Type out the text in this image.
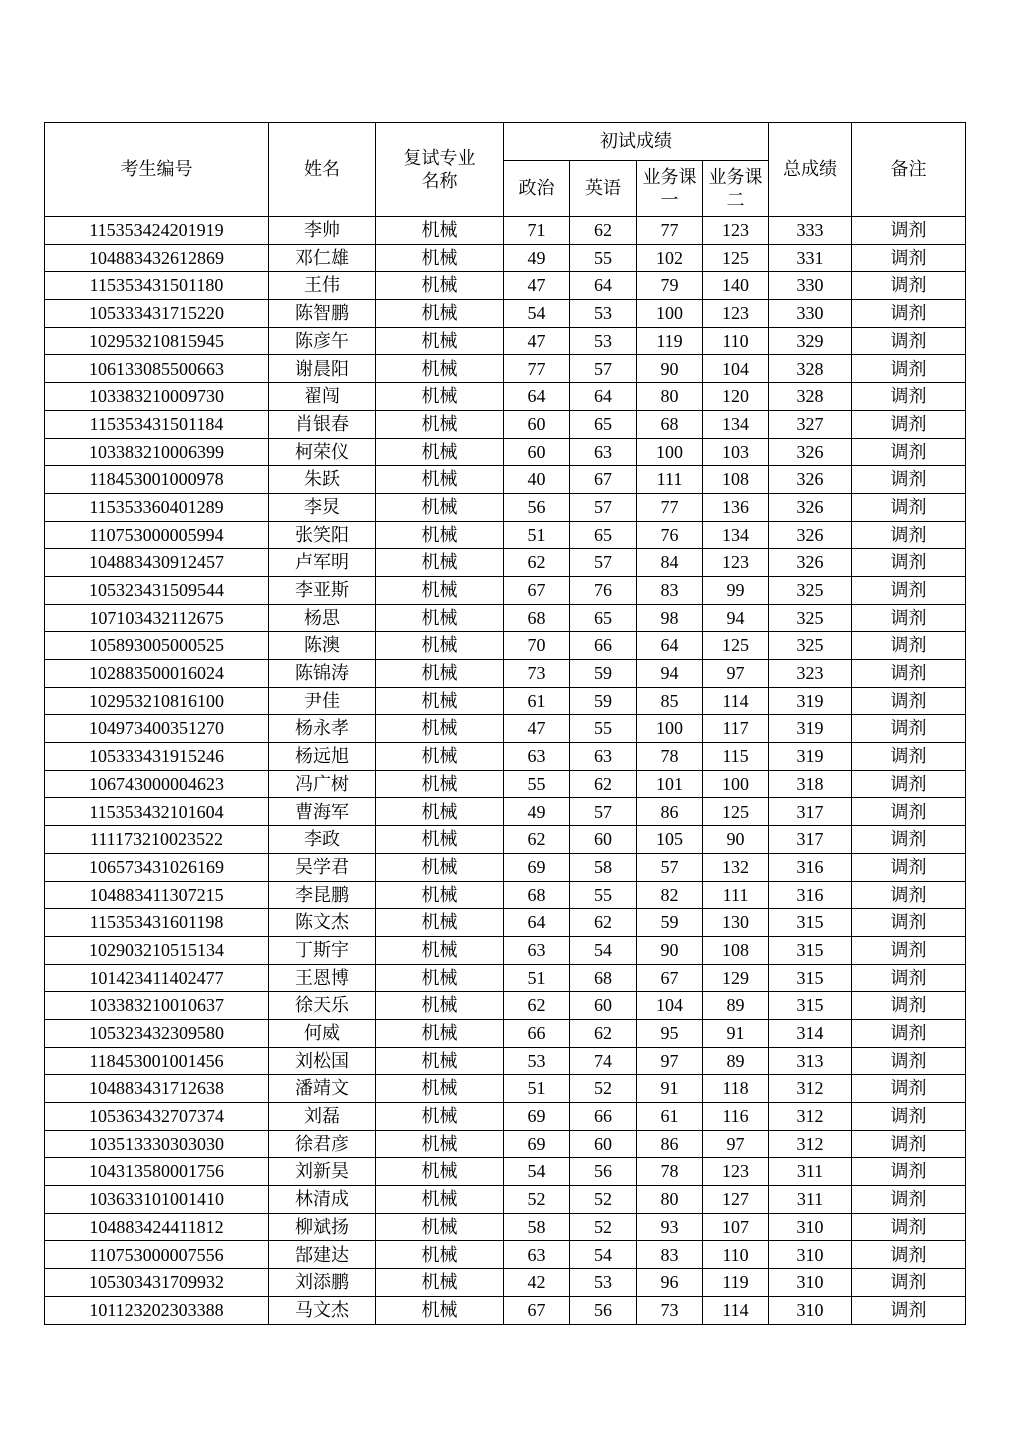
考生编号	姓名	复试专业名称	初试成绩				总成绩	备注
			政治	英语	业务课一	业务课二		
115353424201919	李帅	机械	71	62	77	123	333	调剂
104883432612869	邓仁雄	机械	49	55	102	125	331	调剂
115353431501180	王伟	机械	47	64	79	140	330	调剂
105333431715220	陈智鹏	机械	54	53	100	123	330	调剂
102953210815945	陈彦午	机械	47	53	119	110	329	调剂
106133085500663	谢晨阳	机械	77	57	90	104	328	调剂
103383210009730	翟闯	机械	64	64	80	120	328	调剂
115353431501184	肖银春	机械	60	65	68	134	327	调剂
103383210006399	柯荣仪	机械	60	63	100	103	326	调剂
118453001000978	朱跃	机械	40	67	111	108	326	调剂
115353360401289	李炅	机械	56	57	77	136	326	调剂
110753000005994	张笑阳	机械	51	65	76	134	326	调剂
104883430912457	卢军明	机械	62	57	84	123	326	调剂
105323431509544	李亚斯	机械	67	76	83	99	325	调剂
107103432112675	杨思	机械	68	65	98	94	325	调剂
105893005000525	陈澳	机械	70	66	64	125	325	调剂
102883500016024	陈锦涛	机械	73	59	94	97	323	调剂
102953210816100	尹佳	机械	61	59	85	114	319	调剂
104973400351270	杨永孝	机械	47	55	100	117	319	调剂
105333431915246	杨远旭	机械	63	63	78	115	319	调剂
106743000004623	冯广树	机械	55	62	101	100	318	调剂
115353432101604	曹海军	机械	49	57	86	125	317	调剂
111173210023522	李政	机械	62	60	105	90	317	调剂
106573431026169	吴学君	机械	69	58	57	132	316	调剂
104883411307215	李昆鹏	机械	68	55	82	111	316	调剂
115353431601198	陈文杰	机械	64	62	59	130	315	调剂
102903210515134	丁斯宇	机械	63	54	90	108	315	调剂
101423411402477	王恩博	机械	51	68	67	129	315	调剂
103383210010637	徐天乐	机械	62	60	104	89	315	调剂
105323432309580	何威	机械	66	62	95	91	314	调剂
118453001001456	刘松国	机械	53	74	97	89	313	调剂
104883431712638	潘靖文	机械	51	52	91	118	312	调剂
105363432707374	刘磊	机械	69	66	61	116	312	调剂
103513330303030	徐君彦	机械	69	60	86	97	312	调剂
104313580001756	刘新昊	机械	54	56	78	123	311	调剂
103633101001410	林清成	机械	52	52	80	127	311	调剂
104883424411812	柳斌扬	机械	58	52	93	107	310	调剂
110753000007556	郜建达	机械	63	54	83	110	310	调剂
105303431709932	刘添鹏	机械	42	53	96	119	310	调剂
101123202303388	马文杰	机械	67	56	73	114	310	调剂
